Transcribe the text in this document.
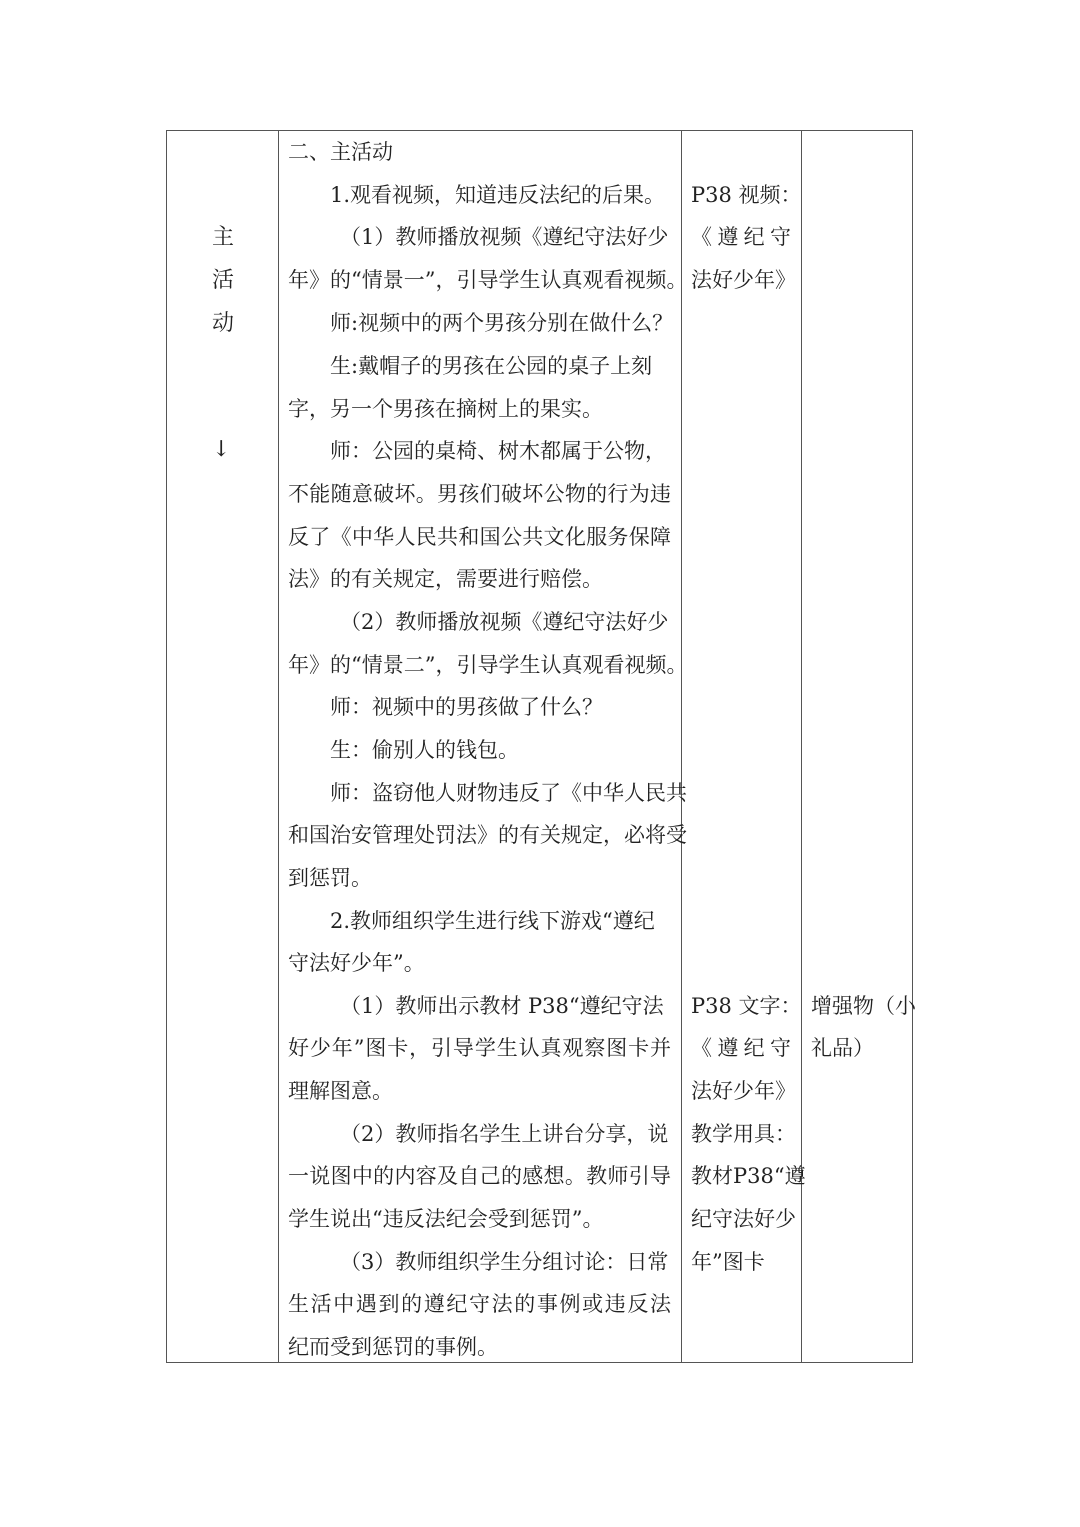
主
活
动
↓
二、主活动
1.观看视频，知道违反法纪的后果。
（1）教师播放视频《遵纪守法好少
年》的“情景一”，引导学生认真观看视频。
师:视频中的两个男孩分别在做什么？
生:戴帽子的男孩在公园的桌子上刻
字，另一个男孩在摘树上的果实。
师：公园的桌椅、树木都属于公物，
不能随意破坏。男孩们破坏公物的行为违
反了《中华人民共和国公共文化服务保障
法》的有关规定，需要进行赔偿。
（2）教师播放视频《遵纪守法好少
年》的“情景二”，引导学生认真观看视频。
师：视频中的男孩做了什么？
生：偷别人的钱包。
师：盗窃他人财物违反了《中华人民共
和国治安管理处罚法》的有关规定，必将受
到惩罚。
2.教师组织学生进行线下游戏“遵纪
守法好少年”。
（1）教师出示教材 P38“遵纪守法
好少年”图卡，引导学生认真观察图卡并
理解图意。
（2）教师指名学生上讲台分享，说
一说图中的内容及自己的感想。教师引导
学生说出“违反法纪会受到惩罚”。
（3）教师组织学生分组讨论：日常
生活中遇到的遵纪守法的事例或违反法
纪而受到惩罚的事例。
P38 视频：
《遵纪守
法好少年》
P38 文字：
《遵纪守
法好少年》
教学用具：
教材P38“遵
纪守法好少
年”图卡
增强物（小
礼品）
